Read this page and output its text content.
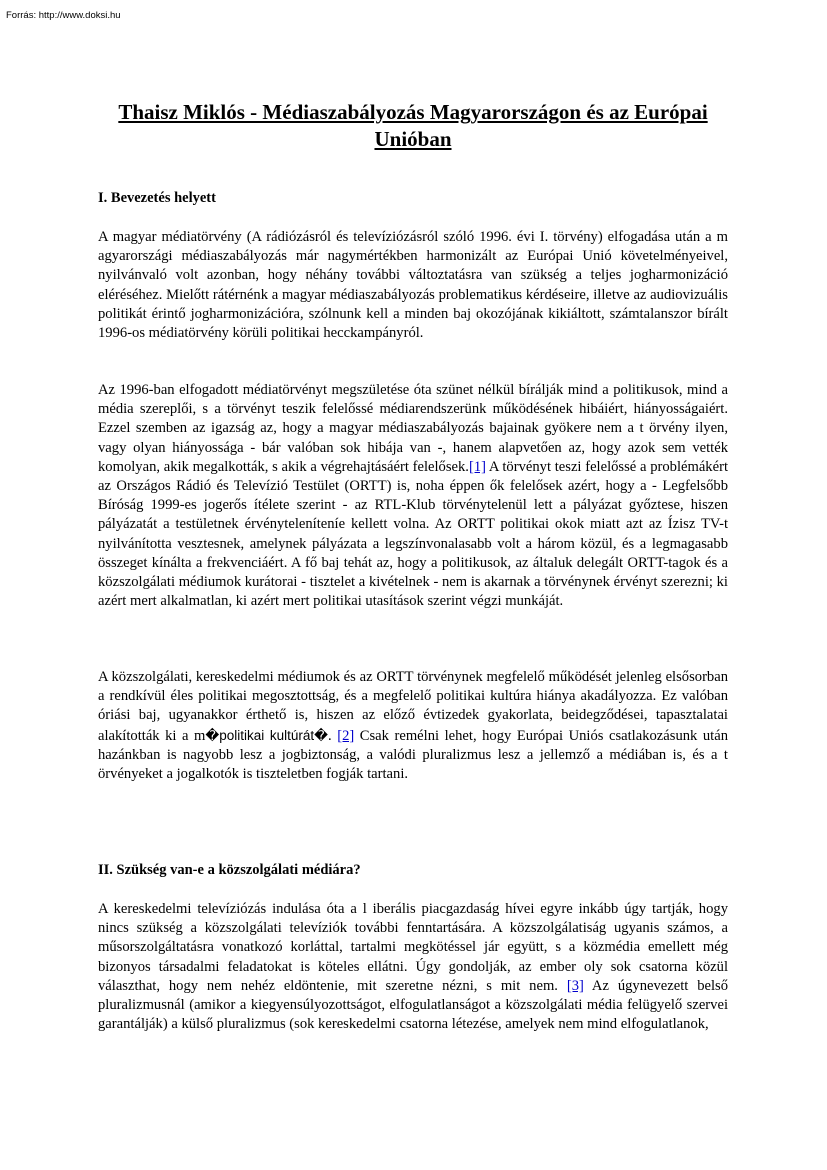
Forrás: http://www.doksi.hu
Thaisz Miklós - Médiaszabályozás Magyarországon és az Európai Unióban
I. Bevezetés helyett

A magyar médiatörvény (A rádiózásról és televíziózásról szóló 1996. évi I. törvény) elfogadása után a m agyarországi médiaszabályozás már nagymértékben harmonizált az Európai Unió követelményeivel, nyilvánvaló volt azonban, hogy néhány további változtatásra van szükség a teljes jogharmonizáció eléréséhez. Mielőtt rátérnénk a magyar médiaszabályozás problematikus kérdéseire, illetve az audiovizuális politikát érintő jogharmonizációra, szólnunk kell a minden baj okozójának kikiáltott, számtalanszor bírált 1996-os médiatörvény körüli politikai hecckampányról.

Az 1996-ban elfogadott médiatörvényt megszületése óta szünet nélkül bírálják mind a politikusok, mind a média szereplői, s a törvényt teszik felelőssé médiarendszerünk működésének hibáiért, hiányosságaiért. Ezzel szemben az igazság az, hogy a magyar médiaszabályozás bajainak gyökere nem a t örvény ilyen, vagy olyan hiányossága - bár valóban sok hibája van -, hanem alapvetően az, hogy azok sem vették komolyan, akik megalkották, s akik a végrehajtásáért felelősek.[1] A törvényt teszi felelőssé a problémákért az Országos Rádió és Televízió Testület (ORTT) is, noha éppen ők felelősek azért, hogy a - Legfelsőbb Bíróság 1999-es jogerős ítélete szerint - az RTL-Klub törvénytelenül lett a pályázat győztese, hiszen pályázatát a testületnek érvényteleníteníe kellett volna. Az ORTT politikai okok miatt azt az Ízisz TV-t nyilvánította vesztesnek, amelynek pályázata a legszínvonalasabb volt a három közül, és a legmagasabb összeget kínálta a frekvenciáért. A fő baj tehát az, hogy a politikusok, az általuk delegált ORTT-tagok és a közszolgálati médiumok kurátorai - tisztelet a kivételnek - nem is akarnak a törvénynek érvényt szerezni; ki azért mert alkalmatlan, ki azért mert politikai utasítások szerint végzi munkáját.

A közszolgálati, kereskedelmi médiumok és az ORTT törvénynek megfelelő működését jelenleg elsősorban a rendkívül éles politikai megosztottság, és a megfelelő politikai kultúra hiánya akadályozza. Ez valóban óriási baj, ugyanakkor érthető is, hiszen az előző évtizedek gyakorlata, beidegződései, tapasztalatai alakították ki a m�politikai kultúrát�. [2] Csak remélni lehet, hogy Európai Uniós csatlakozásunk után hazánkban is nagyobb lesz a jogbiztonság, a valódi pluralizmus lesz a jellemző a médiában is, és a t örvényeket a jogalkotók is tiszteletben fogják tartani.

II. Szükség van-e a közszolgálati médiára?

A kereskedelmi televíziózás indulása óta a l iberális piacgazdaság hívei egyre inkább úgy tartják, hogy nincs szükség a közszolgálati televíziók további fenntartására. A közszolgálatiság ugyanis számos, a műsorszolgáltatásra vonatkozó korláttal, tartalmi megkötéssel jár együtt, s a közmédia emellett még bizonyos társadalmi feladatokat is köteles ellátni. Úgy gondolják, az ember oly sok csatorna közül választhat, hogy nem nehéz eldöntenie, mit szeretne nézni, s mit nem. [3] Az úgynevezett belső pluralizmusnál (amikor a kiegyensúlyozottságot, elfogulatlanságot a közszolgálati média felügyelő szervei garantálják) a külső pluralizmus (sok kereskedelmi csatorna létezése, amelyek nem mind elfogulatlanok,
